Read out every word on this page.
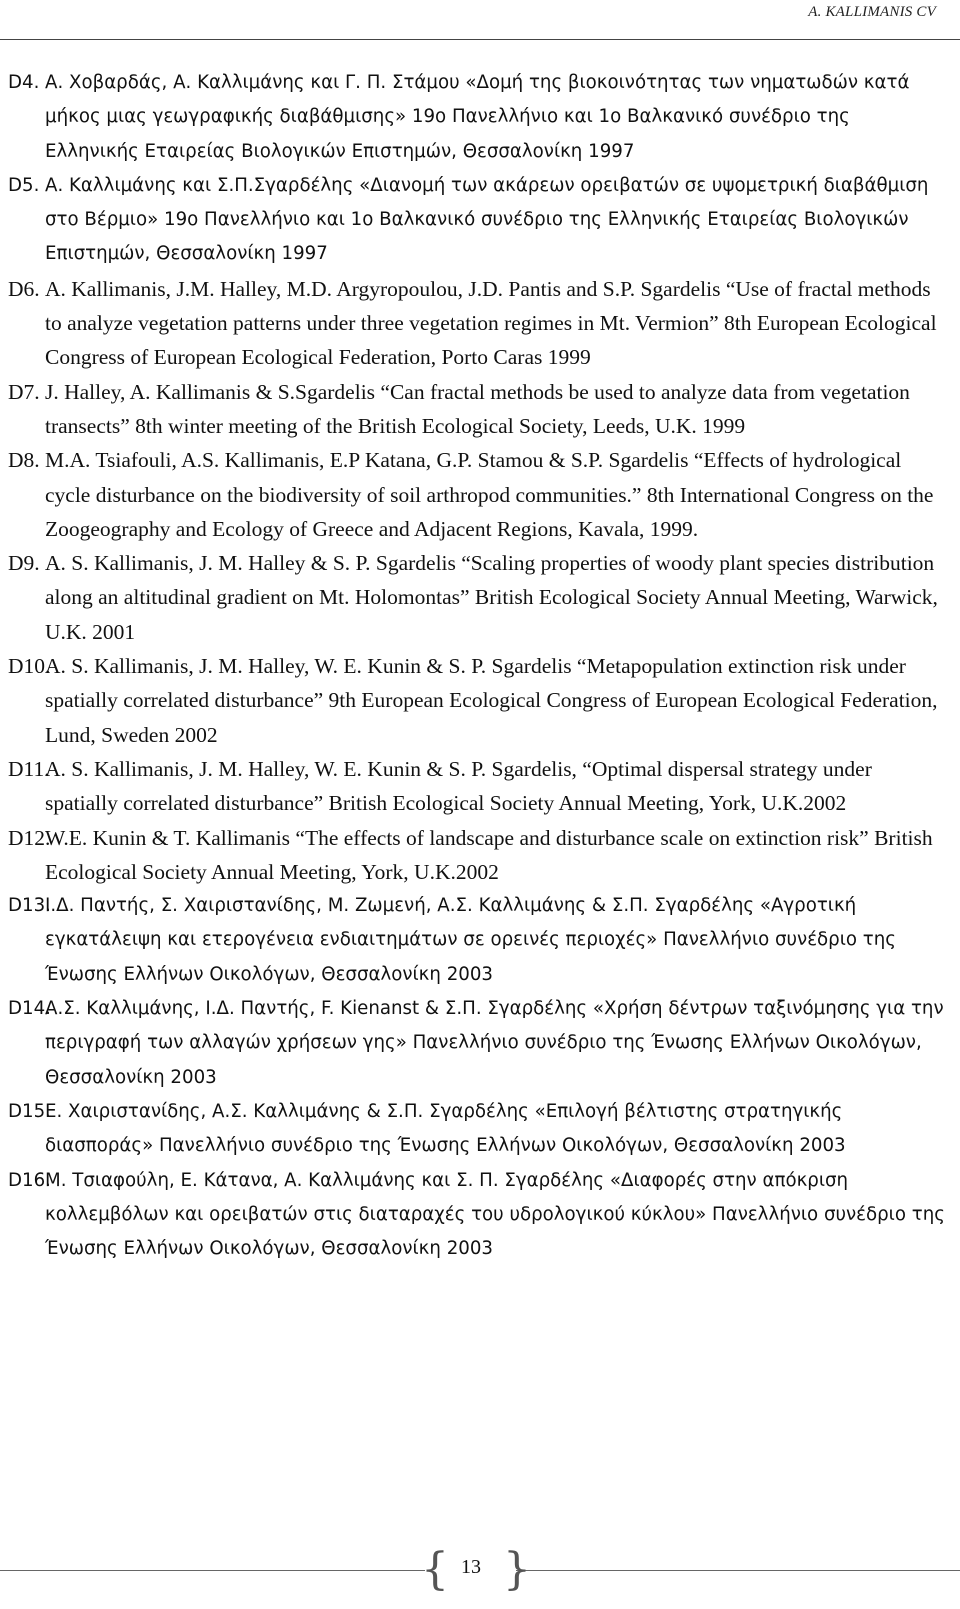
A. KALLIMANIS CV
D4. Α. Χοβαρδάς, Α. Καλλιμάνης και Γ. Π. Στάμου «Δομή της βιοκοινότητας των νηματωδών κατά μήκος μιας γεωγραφικής διαβάθμισης» 19ο Πανελλήνιο και 1ο Βαλκανικό συνέδριο της Ελληνικής Εταιρείας Βιολογικών Επιστημών, Θεσσαλονίκη 1997
D5. Α. Καλλιμάνης και Σ.Π.Σγαρδέλης «Διανομή των ακάρεων ορειβατών σε υψομετρική διαβάθμιση στο Βέρμιο» 19ο Πανελλήνιο και 1ο Βαλκανικό συνέδριο της Ελληνικής Εταιρείας Βιολογικών Επιστημών, Θεσσαλονίκη 1997
D6. A. Kallimanis, J.M. Halley, M.D. Argyropoulou, J.D. Pantis and S.P. Sgardelis “Use of fractal methods to analyze vegetation patterns under three vegetation regimes in Mt. Vermion” 8th European Ecological Congress of European Ecological Federation, Porto Caras 1999
D7. J. Halley, A. Kallimanis & S.Sgardelis “Can fractal methods be used to analyze data from vegetation transects” 8th winter meeting of the British Ecological Society, Leeds, U.K. 1999
D8. M.A. Tsiafouli, A.S. Kallimanis, E.P Katana, G.P. Stamou & S.P. Sgardelis “Effects of hydrological cycle disturbance on the biodiversity of soil arthropod communities.” 8th International Congress on the Zoogeography and Ecology of Greece and Adjacent Regions, Kavala, 1999.
D9. A. S. Kallimanis, J. M. Halley & S. P. Sgardelis “Scaling properties of woody plant species distribution along an altitudinal gradient on Mt. Holomontas” British Ecological Society Annual Meeting, Warwick, U.K. 2001
D10.
A. S. Kallimanis, J. M. Halley, W. E. Kunin & S. P. Sgardelis “Metapopulation extinction risk under spatially correlated disturbance” 9th European Ecological Congress of European Ecological Federation, Lund, Sweden 2002
D11.
A. S. Kallimanis, J. M. Halley, W. E. Kunin & S. P. Sgardelis, “Optimal dispersal strategy under spatially correlated disturbance” British Ecological Society Annual Meeting, York, U.K.2002
D12.
W.E. Kunin & T. Kallimanis “The effects of landscape and disturbance scale on extinction risk” British Ecological Society Annual Meeting, York, U.K.2002
D13.
Ι.Δ. Παντής, Σ. Χαιριστανίδης, Μ. Ζωμενή, Α.Σ. Καλλιμάνης & Σ.Π. Σγαρδέλης «Αγροτική εγκατάλειψη και ετερογένεια ενδιαιτημάτων σε ορεινές περιοχές» Πανελλήνιο συνέδριο της Ένωσης Ελλήνων Οικολόγων, Θεσσαλονίκη 2003
D14.
Α.Σ. Καλλιμάνης, Ι.Δ. Παντής, F. Kienanst & Σ.Π. Σγαρδέλης «Χρήση δέντρων ταξινόμησης για την περιγραφή των αλλαγών χρήσεων γης» Πανελλήνιο συνέδριο της Ένωσης Ελλήνων Οικολόγων, Θεσσαλονίκη 2003
D15.
Ε. Χαιριστανίδης, Α.Σ. Καλλιμάνης & Σ.Π. Σγαρδέλης «Επιλογή βέλτιστης στρατηγικής διασποράς» Πανελλήνιο συνέδριο της Ένωσης Ελλήνων Οικολόγων, Θεσσαλονίκη 2003
D16.
Μ. Τσιαφούλη, Ε. Κάτανα, Α. Καλλιμάνης και Σ. Π. Σγαρδέλης «Διαφορές στην απόκριση κολλεμβόλων και ορειβατών στις διαταραχές του υδρολογικού κύκλου» Πανελλήνιο συνέδριο της Ένωσης Ελλήνων Οικολόγων, Θεσσαλονίκη 2003
{ 13 }
